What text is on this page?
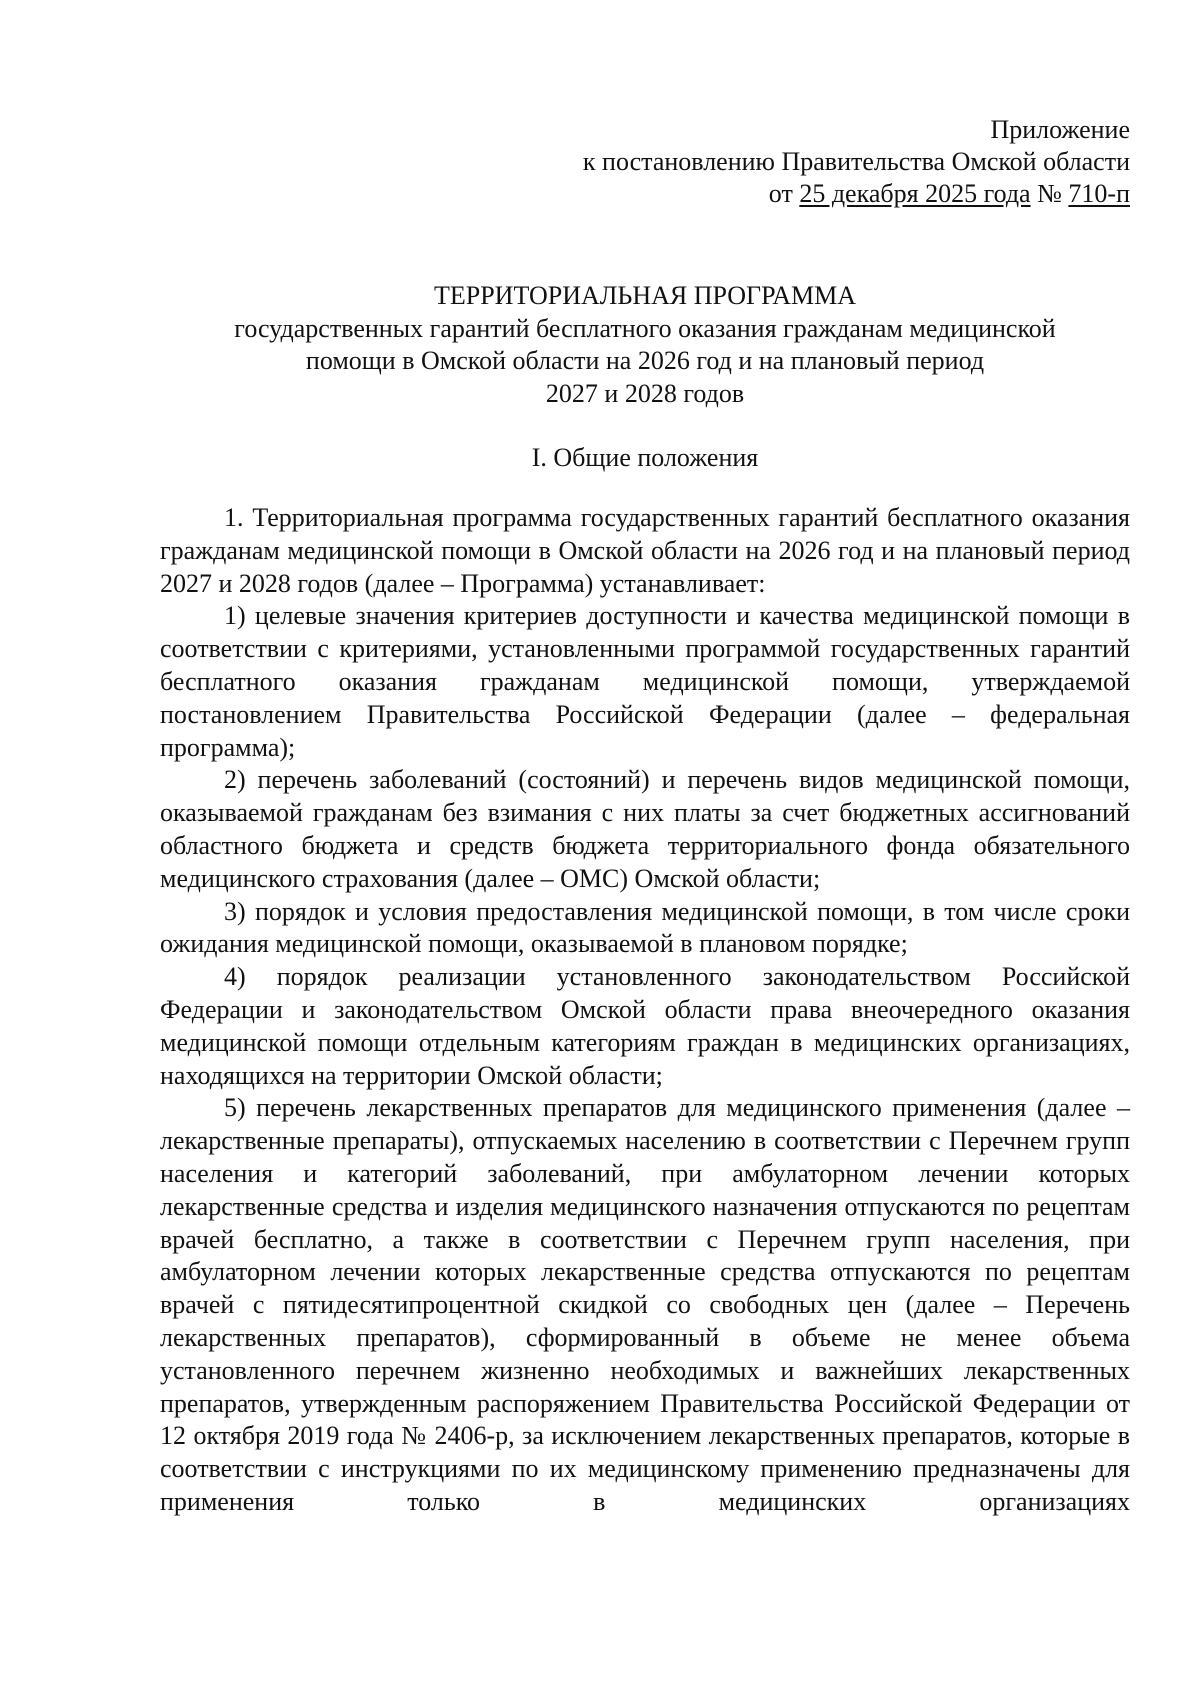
Приложение
к постановлению Правительства Омской области
от 25 декабря 2025 года № 710-п
ТЕРРИТОРИАЛЬНАЯ ПРОГРАММА
государственных гарантий бесплатного оказания гражданам медицинской
помощи в Омской области на 2026 год и на плановый период
2027 и 2028 годов
I. Общие положения

1. Территориальная программа государственных гарантий бесплатного оказания гражданам медицинской помощи в Омской области на 2026 год и на плановый период 2027 и 2028 годов (далее – Программа) устанавливает:

1) целевые значения критериев доступности и качества медицинской помощи в соответствии с критериями, установленными программой государственных гарантий бесплатного оказания гражданам медицинской помощи, утверждаемой постановлением Правительства Российской Федерации (далее – федеральная программа);

2) перечень заболеваний (состояний) и перечень видов медицинской помощи, оказываемой гражданам без взимания с них платы за счет бюджетных ассигнований областного бюджета и средств бюджета территориального фонда обязательного медицинского страхования (далее – ОМС) Омской области;

3) порядок и условия предоставления медицинской помощи, в том числе сроки ожидания медицинской помощи, оказываемой в плановом порядке;

4) порядок реализации установленного законодательством Российской Федерации и законодательством Омской области права внеочередного оказания медицинской помощи отдельным категориям граждан в медицинских организациях, находящихся на территории Омской области;

5) перечень лекарственных препаратов для медицинского применения (далее – лекарственные препараты), отпускаемых населению в соответствии с Перечнем групп населения и категорий заболеваний, при амбулаторном лечении которых лекарственные средства и изделия медицинского назначения отпускаются по рецептам врачей бесплатно, а также в соответствии с Перечнем групп населения, при амбулаторном лечении которых лекарственные средства отпускаются по рецептам врачей с пятидесятипроцентной скидкой со свободных цен (далее – Перечень лекарственных препаратов), сформированный в объеме не менее объема установленного перечнем жизненно необходимых и важнейших лекарственных препаратов, утвержденным распоряжением Правительства Российской Федерации от 12 октября 2019 года № 2406-р, за исключением лекарственных препаратов, которые в соответствии с инструкциями по их медицинскому применению предназначены для применения только в медицинских организациях
